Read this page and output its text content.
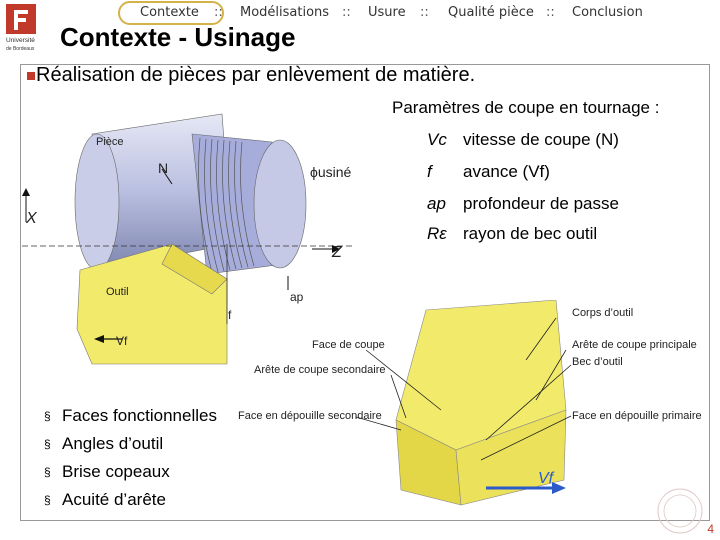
Contexte :: Modélisations :: Usure :: Qualité pièce :: Conclusion
Université
de Bordeaux Contexte - Usinage
Réalisation de pièces par enlèvement de matière.
Pièce
N	ϕusiné
X
Z
Outil
Vf
ap
f
Paramètres de coupe en tournage :
Vc vitesse de coupe (N)
f avance (Vf)
ap profondeur de passe
Rε rayon de bec outil
Corps d’outil
Face de coupe	Arête de coupe principale
Bec d’outil
Arête de coupe secondaire
Face en dépouille secondaire	Face en dépouille primaire
Vf
§ Faces fonctionnelles
§ Angles d’outil
§ Brise copeaux
§ Acuité d’arête
4
